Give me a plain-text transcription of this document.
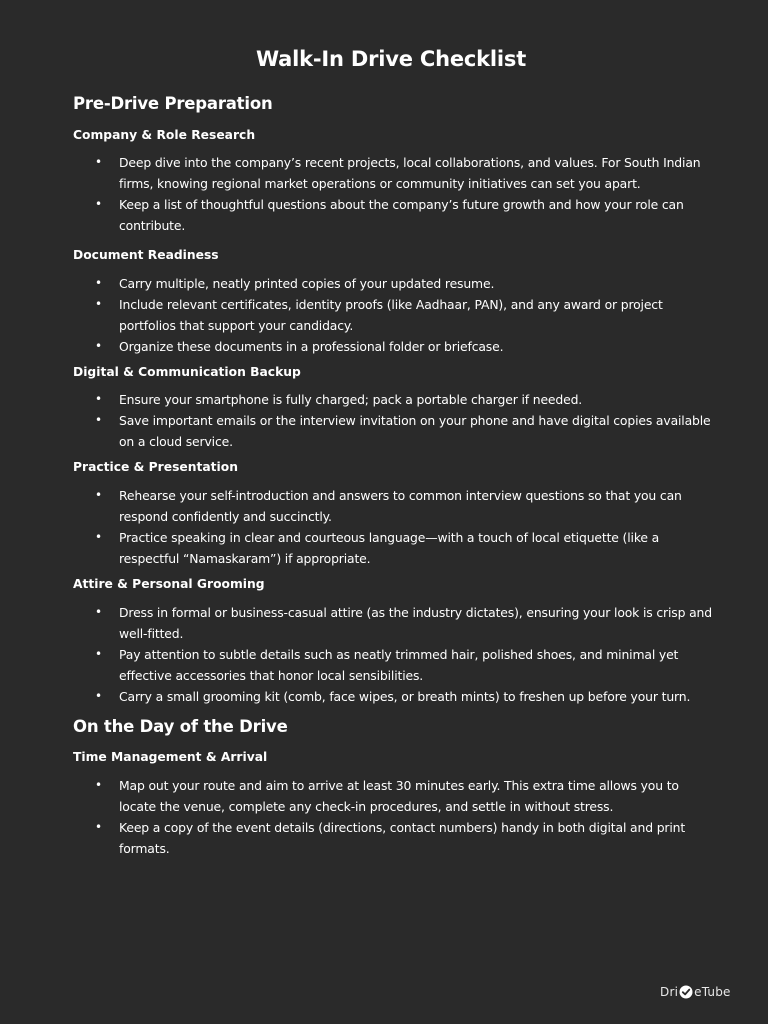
Walk-In Drive Checklist
Pre-Drive Preparation
Company & Role Research
• Deep dive into the company’s recent projects, local collaborations, and values. For South Indian firms, knowing regional market operations or community initiatives can set you apart.
• Keep a list of thoughtful questions about the company’s future growth and how your role can contribute.
Document Readiness
• Carry multiple, neatly printed copies of your updated resume.
• Include relevant certificates, identity proofs (like Aadhaar, PAN), and any award or project portfolios that support your candidacy.
• Organize these documents in a professional folder or briefcase.
Digital & Communication Backup
• Ensure your smartphone is fully charged; pack a portable charger if needed.
• Save important emails or the interview invitation on your phone and have digital copies available on a cloud service.
Practice & Presentation
• Rehearse your self-introduction and answers to common interview questions so that you can respond confidently and succinctly.
• Practice speaking in clear and courteous language—with a touch of local etiquette (like a respectful “Namaskaram”) if appropriate.
Attire & Personal Grooming
• Dress in formal or business-casual attire (as the industry dictates), ensuring your look is crisp and well-fitted.
• Pay attention to subtle details such as neatly trimmed hair, polished shoes, and minimal yet effective accessories that honor local sensibilities.
• Carry a small grooming kit (comb, face wipes, or breath mints) to freshen up before your turn.
On the Day of the Drive
Time Management & Arrival
• Map out your route and aim to arrive at least 30 minutes early. This extra time allows you to locate the venue, complete any check-in procedures, and settle in without stress.
• Keep a copy of the event details (directions, contact numbers) handy in both digital and print formats.
Dri eTube
